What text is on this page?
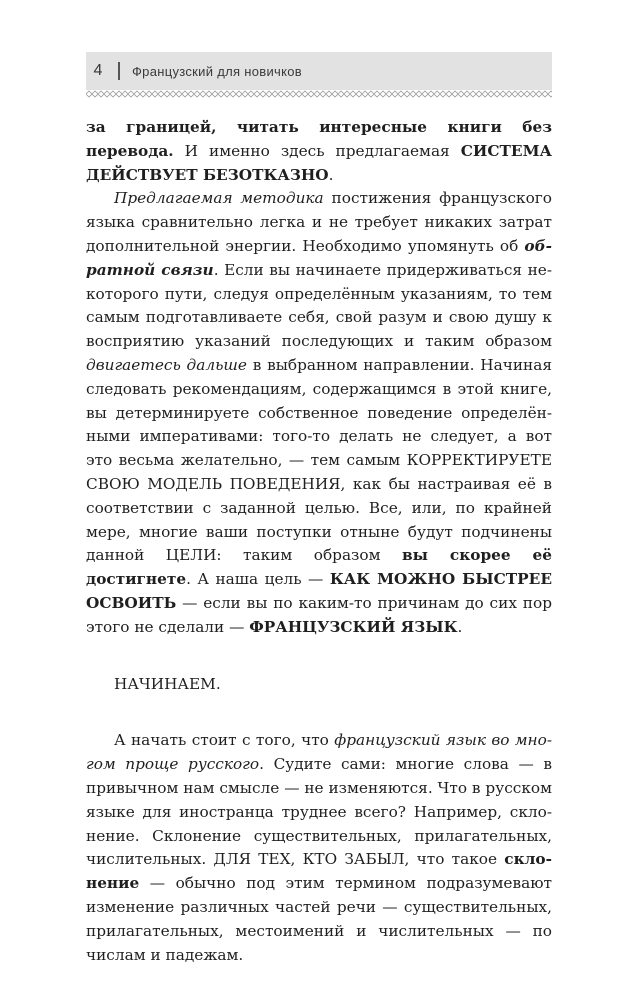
4	Французский для новичков

за границей, читать интересные книги без перевода. И именно здесь предлагаемая СИСТЕМА ДЕЙСТВУЕТ БЕЗОТКАЗНО.

Предлагаемая методика постижения французского языка сравнительно легка и не требует никаких затрат дополнительной энергии. Необходимо упомянуть об обратной связи. Если вы начинаете придерживаться некоторого пути, следуя определённым указаниям, то тем самым подготавливаете себя, свой разум и свою душу к восприятию указаний последующих и таким образом двигаетесь дальше в выбранном направлении. Начиная следовать рекомендациям, содержащимся в этой книге, вы детерминируете собственное поведение определёнными императивами: того-то делать не следует, а вот это весьма желательно, — тем самым КОРРЕКТИРУЕТЕ СВОЮ МОДЕЛЬ ПОВЕДЕНИЯ, как бы настраивая её в соответствии с заданной целью. Все, или, по крайней мере, многие ваши поступки отныне будут подчинены данной ЦЕЛИ: таким образом вы скорее её достигнете. А наша цель — КАК МОЖНО БЫСТРЕЕ ОСВОИТЬ — если вы по каким-то причинам до сих пор этого не сделали — ФРАНЦУЗСКИЙ ЯЗЫК.

НАЧИНАЕМ.

А начать стоит с того, что французский язык во многом проще русского. Судите сами: многие слова — в привычном нам смысле — не изменяются. Что в русском языке для иностранца труднее всего? Например, склонение. Склонение существительных, прилагательных, числительных. ДЛЯ ТЕХ, КТО ЗАБЫЛ, что такое склонение — обычно под этим термином подразумевают изменение различных частей речи — существительных, прилагательных, местоимений и числительных — по числам и падежам.
